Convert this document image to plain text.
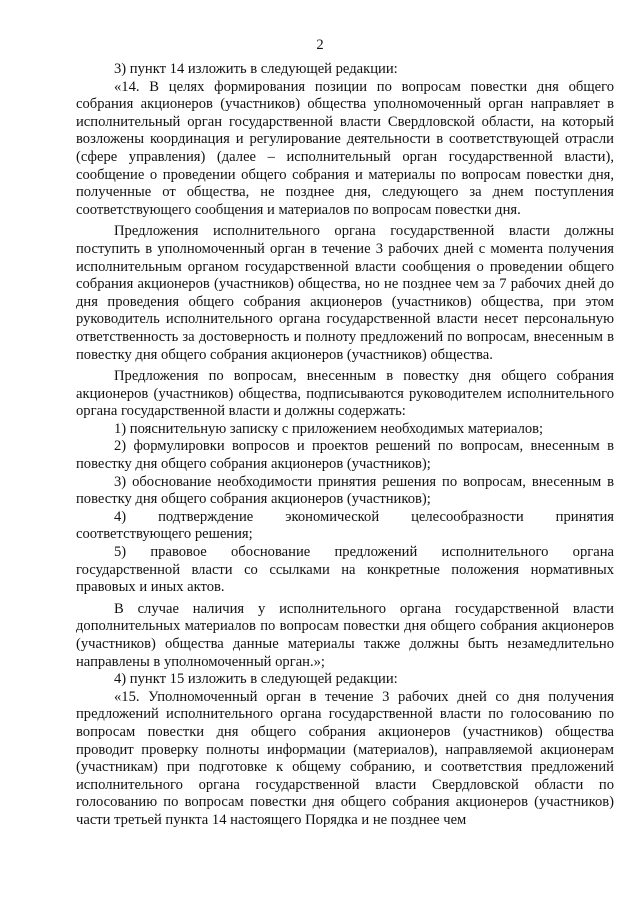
2

3) пункт 14 изложить в следующей редакции:

«14. В целях формирования позиции по вопросам повестки дня общего собрания акционеров (участников) общества уполномоченный орган направляет в исполнительный орган государственной власти Свердловской области, на который возложены координация и регулирование деятельности в соответствующей отрасли (сфере управления) (далее – исполнительный орган государственной власти), сообщение о проведении общего собрания и материалы по вопросам повестки дня, полученные от общества, не позднее дня, следующего за днем поступления соответствующего сообщения и материалов по вопросам повестки дня.

Предложения исполнительного органа государственной власти должны поступить в уполномоченный орган в течение 3 рабочих дней с момента получения исполнительным органом государственной власти сообщения о проведении общего собрания акционеров (участников) общества, но не позднее чем за 7 рабочих дней до дня проведения общего собрания акционеров (участников) общества, при этом руководитель исполнительного органа государственной власти несет персональную ответственность за достоверность и полноту предложений по вопросам, внесенным в повестку дня общего собрания акционеров (участников) общества.

Предложения по вопросам, внесенным в повестку дня общего собрания акционеров (участников) общества, подписываются руководителем исполнительного органа государственной власти и должны содержать:

1) пояснительную записку с приложением необходимых материалов;

2) формулировки вопросов и проектов решений по вопросам, внесенным в повестку дня общего собрания акционеров (участников);

3) обоснование необходимости принятия решения по вопросам, внесенным в повестку дня общего собрания акционеров (участников);

4) подтверждение экономической целесообразности принятия соответствующего решения;

5) правовое обоснование предложений исполнительного органа государственной власти со ссылками на конкретные положения нормативных правовых и иных актов.

В случае наличия у исполнительного органа государственной власти дополнительных материалов по вопросам повестки дня общего собрания акционеров (участников) общества данные материалы также должны быть незамедлительно направлены в уполномоченный орган.»;

4) пункт 15 изложить в следующей редакции:

«15. Уполномоченный орган в течение 3 рабочих дней со дня получения предложений исполнительного органа государственной власти по голосованию по вопросам повестки дня общего собрания акционеров (участников) общества проводит проверку полноты информации (материалов), направляемой акционерам (участникам) при подготовке к общему собранию, и соответствия предложений исполнительного органа государственной власти Свердловской области по голосованию по вопросам повестки дня общего собрания акционеров (участников) части третьей пункта 14 настоящего Порядка и не позднее чем
